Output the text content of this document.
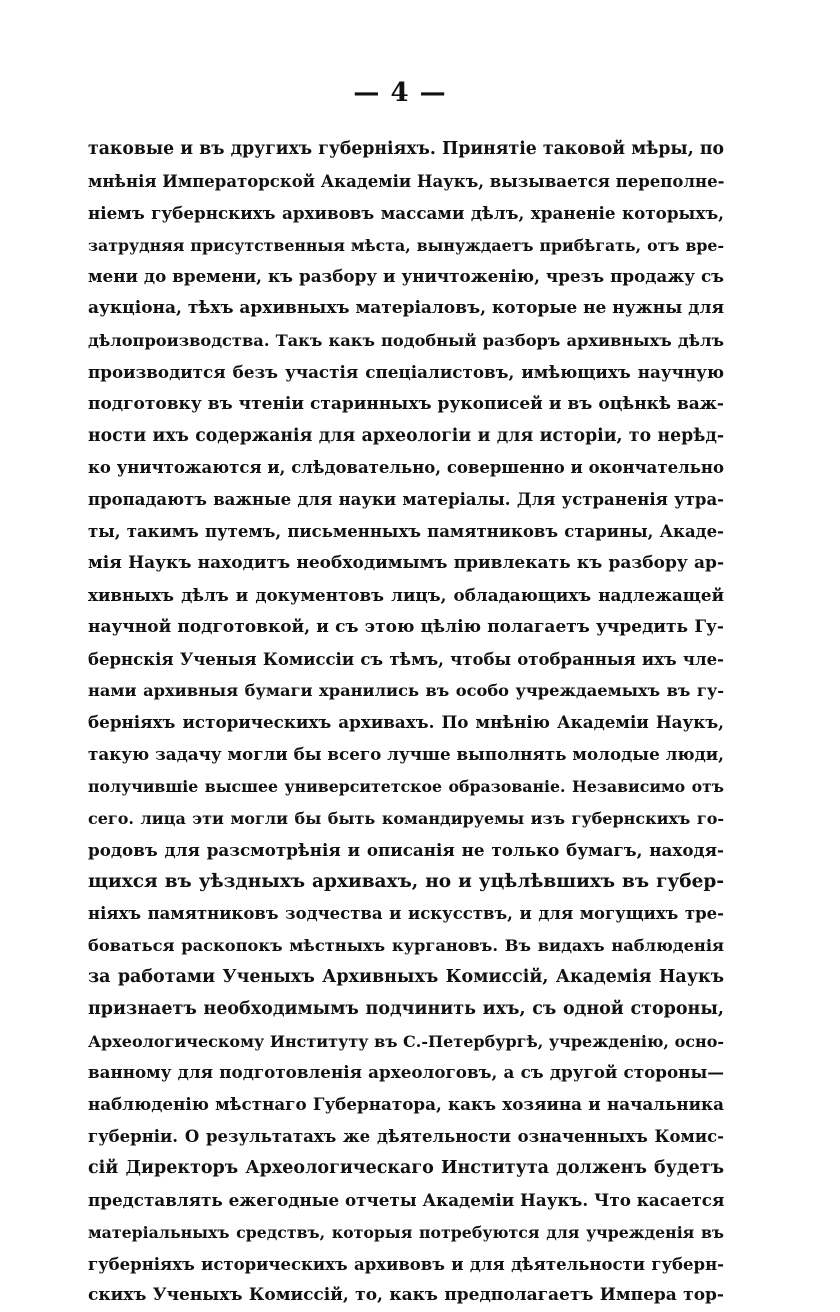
— 4 —
таковые и въ другихъ губерніяхъ. Принятіе таковой мѣры, по
мнѣнія Императорской Академіи Наукъ, вызывается переполне-
ніемъ губернскихъ архивовъ массами дѣлъ, храненіе которыхъ,
затрудняя присутственныя мѣста, вынуждаетъ прибѣгать, отъ вре-
мени до времени, къ разбору и уничтоженію, чрезъ продажу съ
аукціона, тѣхъ архивныхъ матеріаловъ, которые не нужны для
дѣлопроизводства. Такъ какъ подобный разборъ архивныхъ дѣлъ
производится безъ участія спеціалистовъ, имѣющихъ научную
подготовку въ чтеніи старинныхъ рукописей и въ оцѣнкѣ важ-
ности ихъ содержанія для археологіи и для исторіи, то нерѣд-
ко уничтожаются и, слѣдовательно, совершенно и окончательно
пропадаютъ важные для науки матеріалы. Для устраненія утра-
ты, такимъ путемъ, письменныхъ памятниковъ старины, Акаде-
мія Наукъ находитъ необходимымъ привлекать къ разбору ар-
хивныхъ дѣлъ и документовъ лицъ, обладающихъ надлежащей
научной подготовкой, и съ этою цѣлію полагаетъ учредить Гу-
бернскія Ученыя Комиссіи съ тѣмъ, чтобы отобранныя ихъ чле-
нами архивныя бумаги хранились въ особо учреждаемыхъ въ гу-
берніяхъ историческихъ архивахъ. По мнѣнію Академіи Наукъ,
такую задачу могли бы всего лучше выполнять молодые люди,
получившіе высшее университетское образованіе. Независимо отъ
сего. лица эти могли бы быть командируемы изъ губернскихъ го-
родовъ для разсмотрѣнія и описанія не только бумагъ, находя-
щихся въ уѣздныхъ архивахъ, но и уцѣлѣвшихъ въ губер-
ніяхъ памятниковъ зодчества и искусствъ, и для могущихъ тре-
боваться раскопокъ мѣстныхъ кургановъ. Въ видахъ наблюденія
за работами Ученыхъ Архивныхъ Комиссій, Академія Наукъ
признаетъ необходимымъ подчинить ихъ, съ одной стороны,
Археологическому Институту въ С.-Петербургѣ, учрежденію, осно-
ванному для подготовленія археологовъ, а съ другой стороны—
наблюденію мѣстнаго Губернатора, какъ хозяина и начальника
губерніи. О результатахъ же дѣятельности означенныхъ Комис-
сій Директоръ Археологическаго Института долженъ будетъ
представлять ежегодные отчеты Академіи Наукъ. Что касается
матеріальныхъ средствъ, которыя потребуются для учрежденія въ
губерніяхъ историческихъ архивовъ и для дѣятельности губерн-
скихъ Ученыхъ Комиссій, то, какъ предполагаетъ Импера тор-
